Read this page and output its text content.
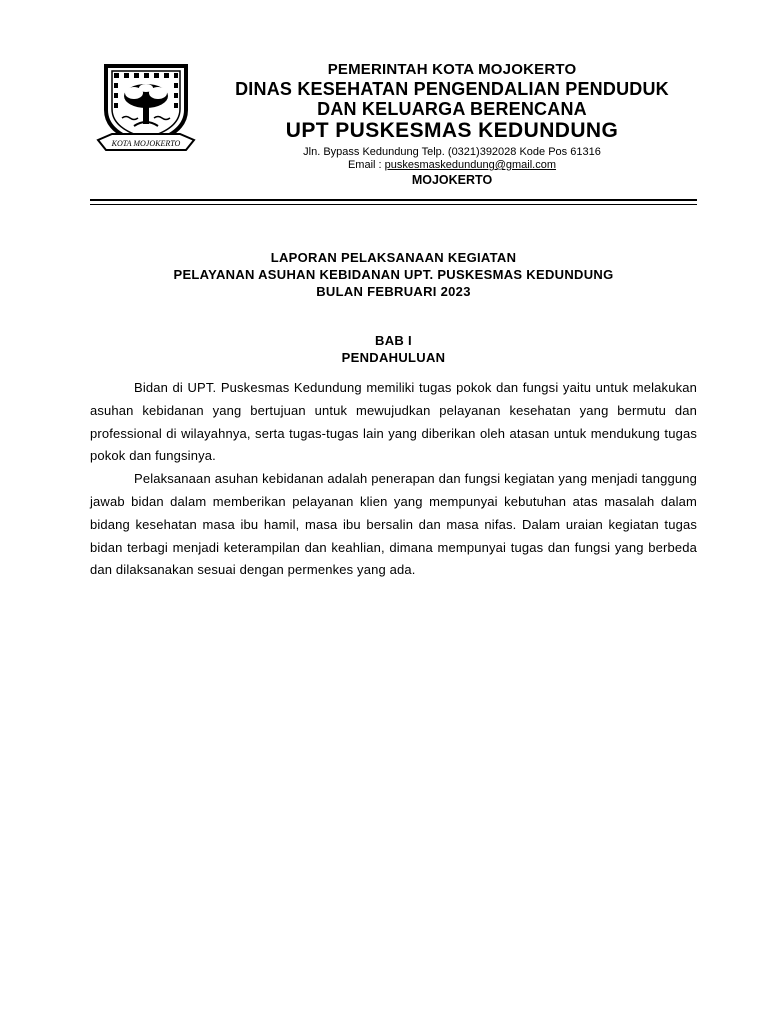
KOTA MOJOKERTO
PEMERINTAH KOTA MOJOKERTO
DINAS KESEHATAN PENGENDALIAN PENDUDUK
DAN KELUARGA BERENCANA
UPT PUSKESMAS KEDUNDUNG
Jln. Bypass Kedundung Telp. (0321)392028 Kode Pos 61316
Email : puskesmaskedundung@gmail.com
MOJOKERTO
LAPORAN PELAKSANAAN KEGIATAN
PELAYANAN ASUHAN KEBIDANAN UPT. PUSKESMAS KEDUNDUNG
BULAN FEBRUARI 2023
BAB I
PENDAHULUAN

Bidan di UPT. Puskesmas Kedundung memiliki tugas pokok dan fungsi yaitu untuk melakukan asuhan kebidanan yang bertujuan untuk mewujudkan pelayanan kesehatan yang bermutu dan professional di wilayahnya, serta tugas-tugas lain yang diberikan oleh atasan untuk mendukung tugas pokok dan fungsinya.

Pelaksanaan asuhan kebidanan adalah penerapan dan fungsi kegiatan yang menjadi tanggung jawab bidan dalam memberikan pelayanan klien yang mempunyai kebutuhan atas masalah dalam bidang kesehatan masa ibu hamil, masa ibu bersalin dan masa nifas. Dalam uraian kegiatan tugas bidan terbagi menjadi keterampilan dan keahlian, dimana mempunyai tugas dan fungsi yang berbeda dan dilaksanakan sesuai dengan permenkes yang ada.
